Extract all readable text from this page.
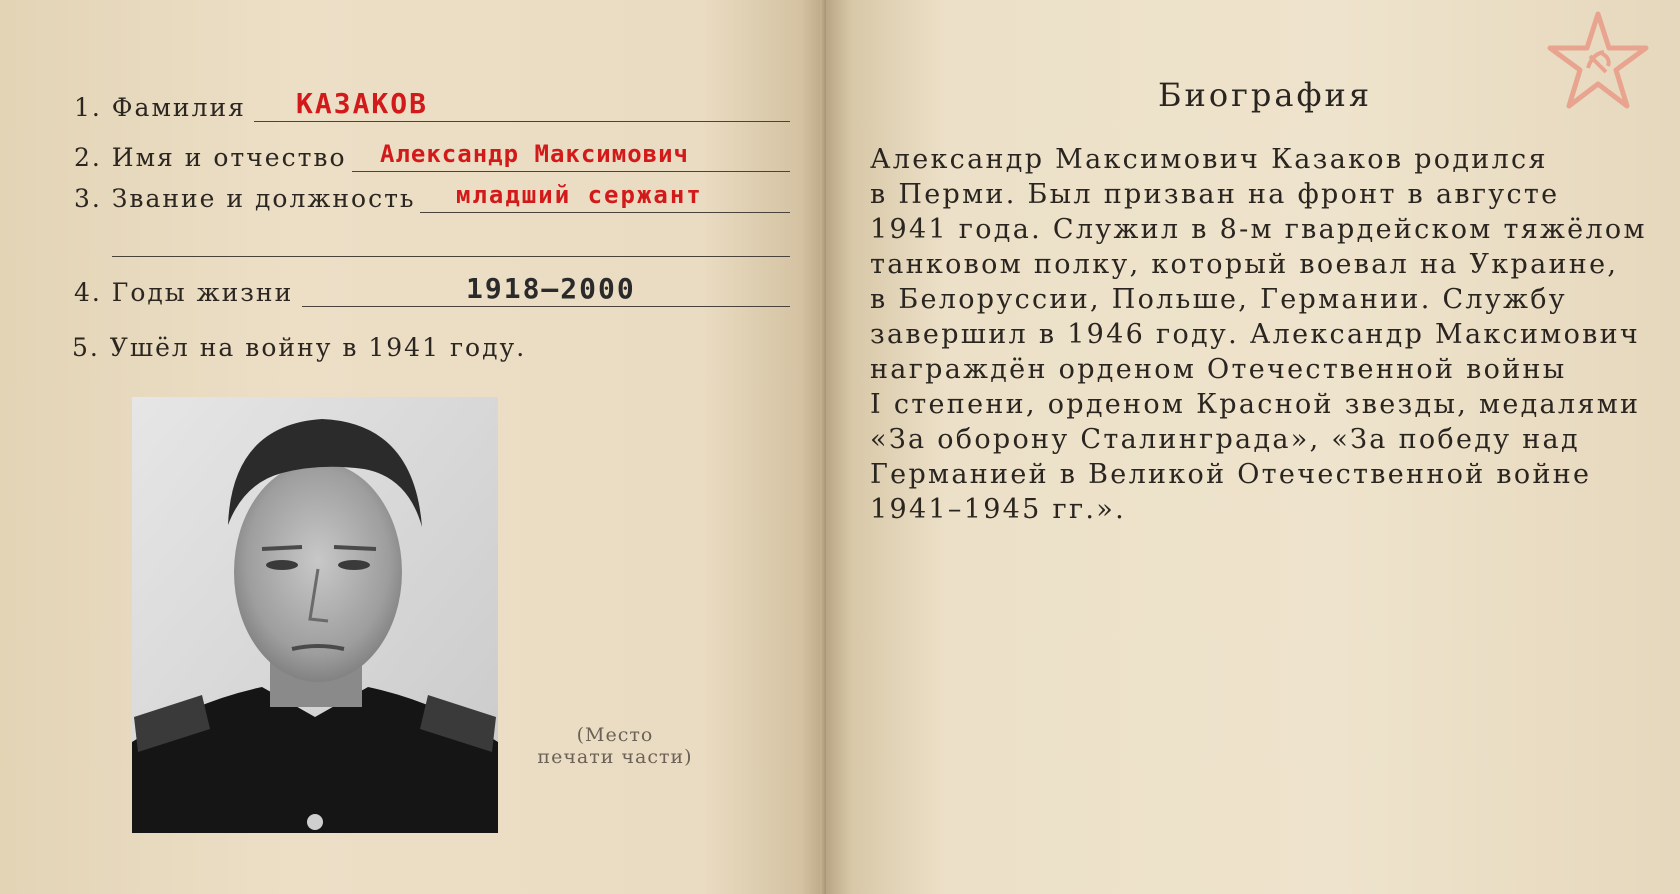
1. Фамилия КАЗАКОВ
2. Имя и отчество Александр Максимович
3. Звание и должность младший сержант
4. Годы жизни	1918–2000
5. Ушёл на войну в 1941 году.
(Место
печати части)
Биография
Александр Максимович Казаков родился
в Перми. Был призван на фронт в августе
1941 года. Служил в 8-м гвардейском тяжёлом
танковом полку, который воевал на Украине,
в Белоруссии, Польше, Германии. Службу
завершил в 1946 году. Александр Максимович
награждён орденом Отечественной войны
I степени, орденом Красной звезды, медалями
«За оборону Сталинграда», «За победу над
Германией в Великой Отечественной войне
1941–1945 гг.».
